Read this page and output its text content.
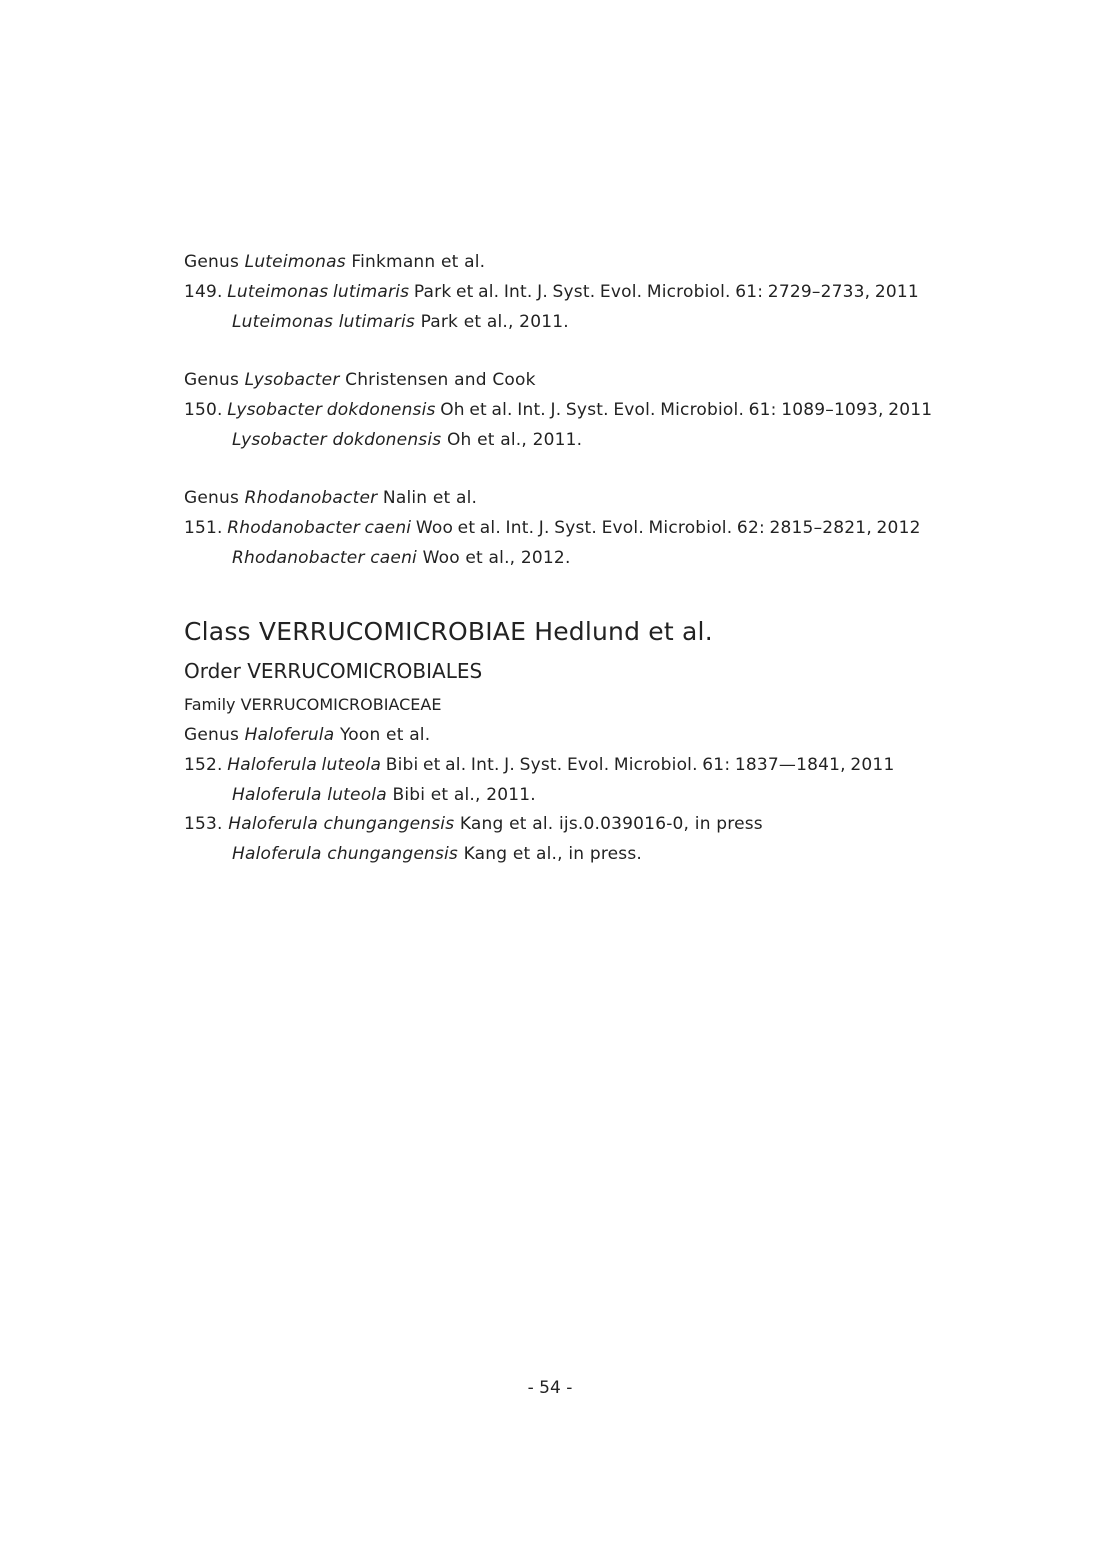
Genus Luteimonas Finkmann et al.
149. Luteimonas lutimaris Park et al. Int. J. Syst. Evol. Microbiol. 61: 2729–2733, 2011
Luteimonas lutimaris Park et al., 2011.
Genus Lysobacter Christensen and Cook
150. Lysobacter dokdonensis Oh et al. Int. J. Syst. Evol. Microbiol. 61: 1089–1093, 2011
Lysobacter dokdonensis Oh et al., 2011.
Genus Rhodanobacter Nalin et al.
151. Rhodanobacter caeni Woo et al. Int. J. Syst. Evol. Microbiol. 62: 2815–2821, 2012
Rhodanobacter caeni Woo et al., 2012.
Class VERRUCOMICROBIAE Hedlund et al.
Order VERRUCOMICROBIALES
Family VERRUCOMICROBIACEAE
Genus Haloferula Yoon et al.
152. Haloferula luteola Bibi et al. Int. J. Syst. Evol. Microbiol. 61: 1837—1841, 2011
Haloferula luteola Bibi et al., 2011.
153. Haloferula chungangensis Kang et al. ijs.0.039016-0, in press
Haloferula chungangensis Kang et al., in press.
- 54 -
